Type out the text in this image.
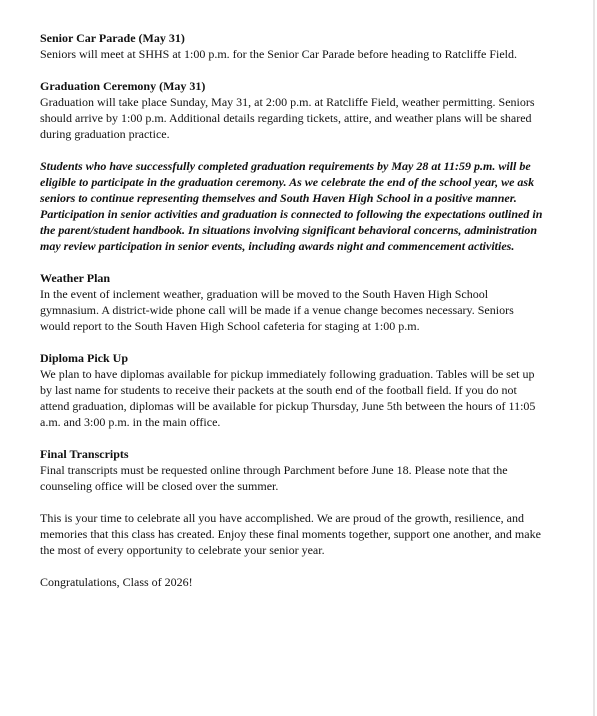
Senior Car Parade (May 31)

Seniors will meet at SHHS at 1:00 p.m. for the Senior Car Parade before heading to Ratcliffe Field.

Graduation Ceremony (May 31)

Graduation will take place Sunday, May 31, at 2:00 p.m. at Ratcliffe Field, weather permitting. Seniors should arrive by 1:00 p.m. Additional details regarding tickets, attire, and weather plans will be shared during graduation practice.

Students who have successfully completed graduation requirements by May 28 at 11:59 p.m. will be eligible to participate in the graduation ceremony. As we celebrate the end of the school year, we ask seniors to continue representing themselves and South Haven High School in a positive manner. Participation in senior activities and graduation is connected to following the expectations outlined in the parent/student handbook. In situations involving significant behavioral concerns, administration may review participation in senior events, including awards night and commencement activities.

Weather Plan

In the event of inclement weather, graduation will be moved to the South Haven High School gymnasium. A district-wide phone call will be made if a venue change becomes necessary. Seniors would report to the South Haven High School cafeteria for staging at 1:00 p.m.

Diploma Pick Up

We plan to have diplomas available for pickup immediately following graduation. Tables will be set up by last name for students to receive their packets at the south end of the football field. If you do not attend graduation, diplomas will be available for pickup Thursday, June 5th between the hours of 11:05 a.m. and 3:00 p.m. in the main office.

Final Transcripts

Final transcripts must be requested online through Parchment before June 18. Please note that the counseling office will be closed over the summer.

This is your time to celebrate all you have accomplished. We are proud of the growth, resilience, and memories that this class has created. Enjoy these final moments together, support one another, and make the most of every opportunity to celebrate your senior year.

Congratulations, Class of 2026!
